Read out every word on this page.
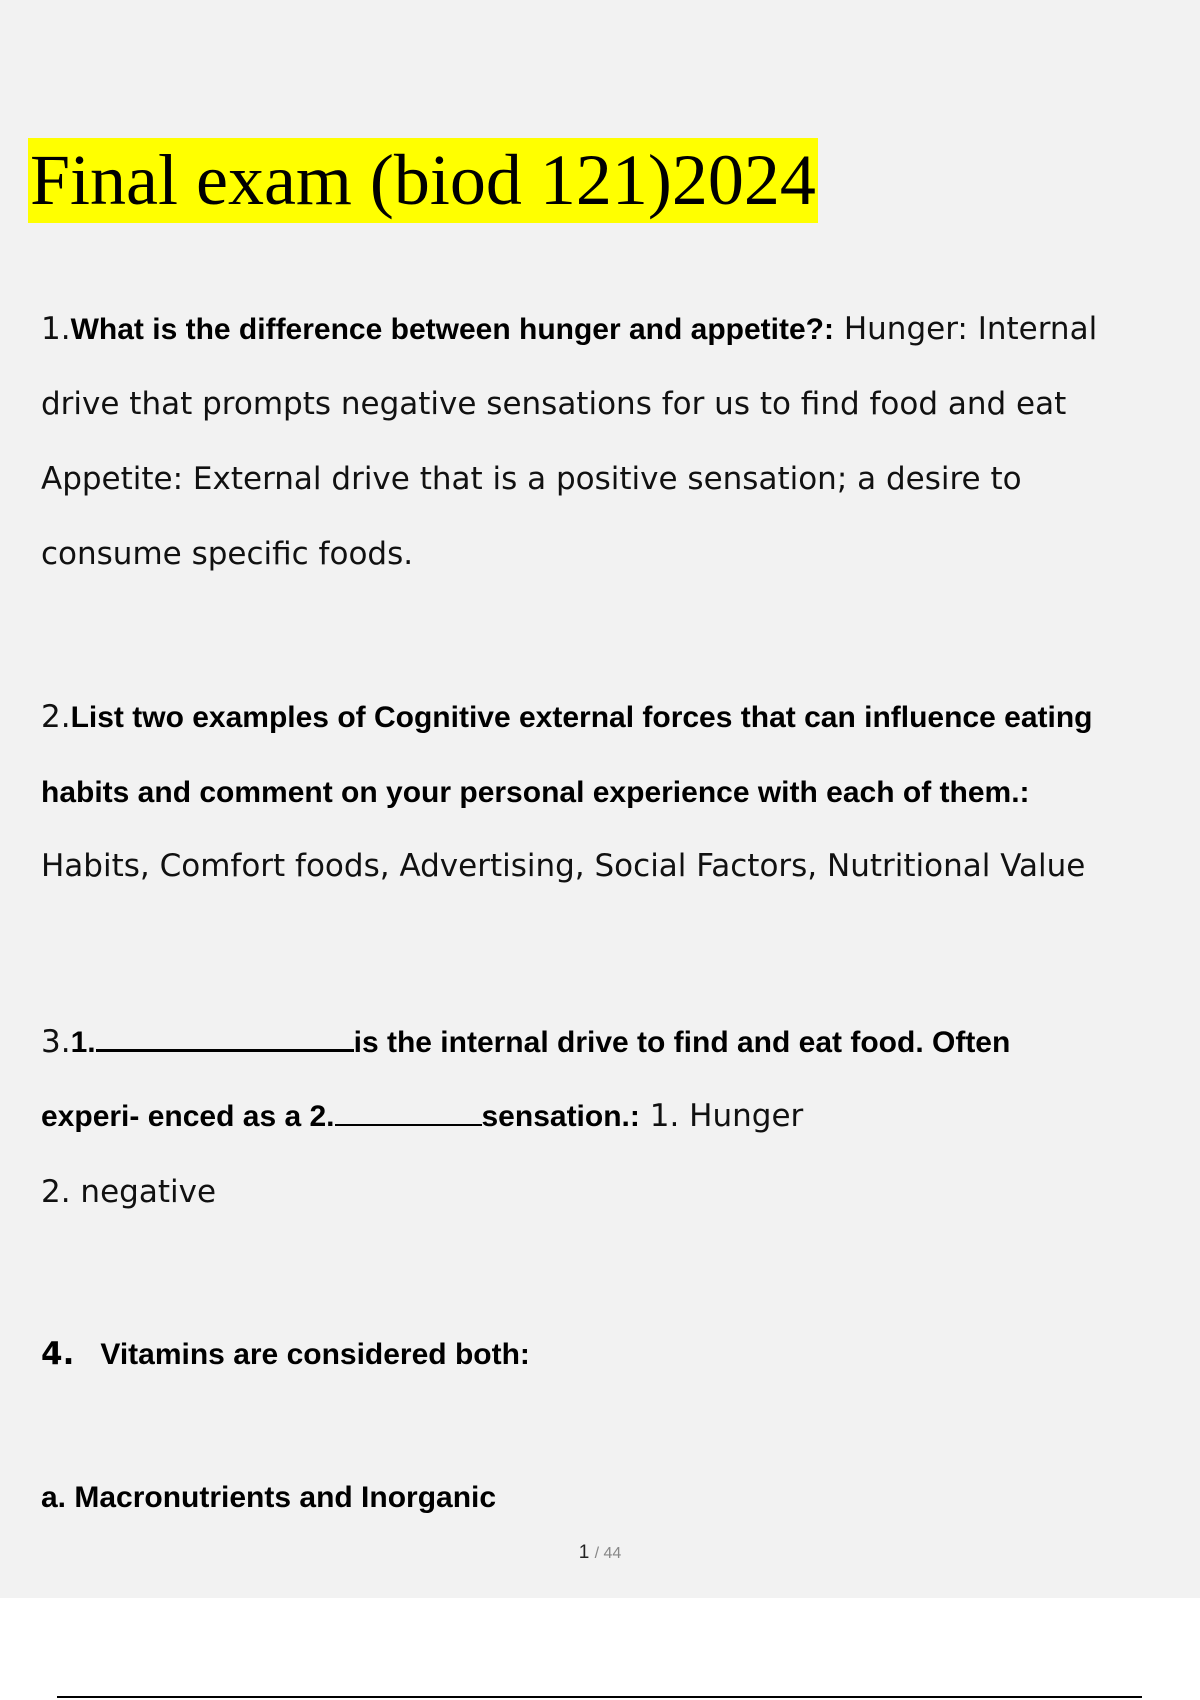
Final exam (biod 121)2024

1.What is the difference between hunger and appetite?: Hunger: Internal

drive that prompts negative sensations for us to find food and eat

Appetite: External drive that is a positive sensation; a desire to

consume specific foods.

2.List two examples of Cognitive external forces that can influence eating

habits and comment on your personal experience with each of them.:

Habits, Comfort foods, Advertising, Social Factors, Nutritional Value

3.1.	is the internal drive to find and eat food. Often

experi- enced as a 2.	sensation.: 1. Hunger

2. negative

4. Vitamins are considered both:

a. Macronutrients and Inorganic

1 / 44
